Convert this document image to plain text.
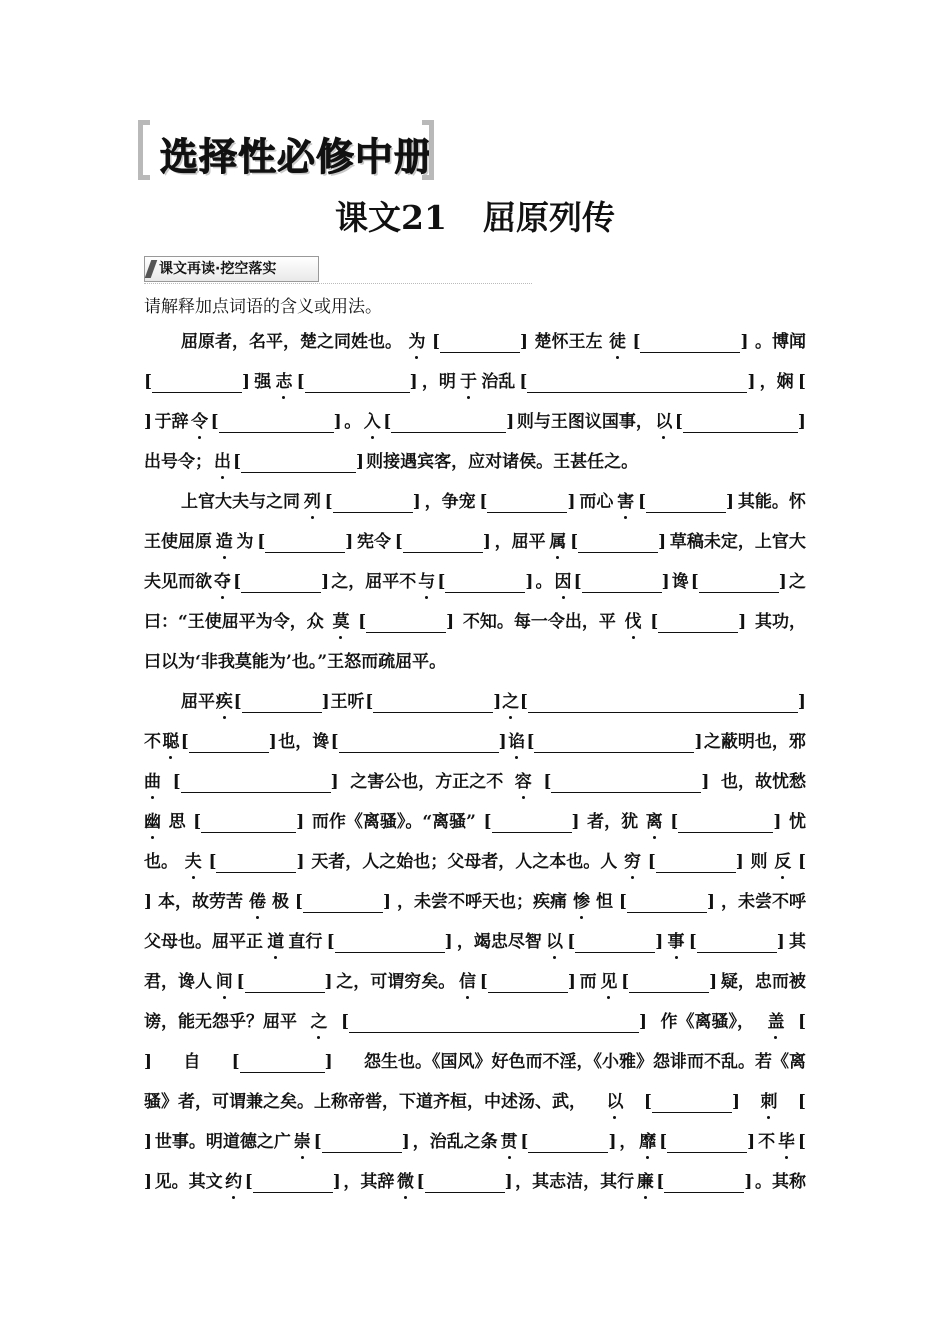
选择性必修中册
课文21 屈原列传
课文再读·挖空落实
请解释加点词语的含义或用法。
屈原者，名平，楚之同姓也。 为 [	] 楚怀王左 徒 [	] 。博闻
[	] 强 志 [	] ，明 于 治乱 [	] ，娴 [
] 于辞 令 [	] 。 入 [	] 则与王图议国事， 以 [	]
出号令； 出 [	] 则接遇宾客，应对诸侯。王甚任之。
上官大夫与之同 列 [	] ，争宠 [	] 而心 害 [	] 其能。怀
王使屈原 造 为 [	] 宪令 [	] ，屈平 属 [	] 草稿未定，上官大
夫见而欲 夺 [	] 之，屈平不 与 [	] 。 因 [	] 谗 [	] 之
曰：“王使屈平为令，众 莫 [	] 不知。每一令出，平 伐 [	] 其功，
曰以为‘非我莫能为’也。”王怒而疏屈平。
屈平 疾 [	] 王听 [	] 之 [	]
不 聪 [	] 也，谗 [	] 谄 [	] 之蔽明也，邪
曲 [	] 之害公也，方正之不 容 [	] 也，故忧愁
幽 思 [	] 而作《离骚》。“离骚” [	] 者，犹 离 [	] 忧
也。 夫 [	] 天者，人之始也；父母者，人之本也。人 穷 [	] 则 反 [
] 本，故劳苦 倦 极 [	] ，未尝不呼天也；疾痛 惨 怛 [	] ，未尝不呼
父母也。屈平正 道 直行 [	] ，竭忠尽智 以 [	] 事 [	] 其
君，谗人 间 [	] 之，可谓穷矣。 信 [	] 而 见 [	] 疑，忠而被
谤，能无怨乎？屈平 之 [	] 作《离骚》， 盖 [
] 自 [	] 怨生也。《国风》好色而不淫，《小雅》怨诽而不乱。若《离
骚》者，可谓兼之矣。上称帝喾，下道齐桓，中述汤、武， 以 [	] 刺 [
] 世事。明道德之广 崇 [	] ，治乱之条 贯 [	] ， 靡 [	] 不 毕 [
] 见。其文 约 [	] ，其辞 微 [	] ，其志洁，其行 廉 [	] 。其称
